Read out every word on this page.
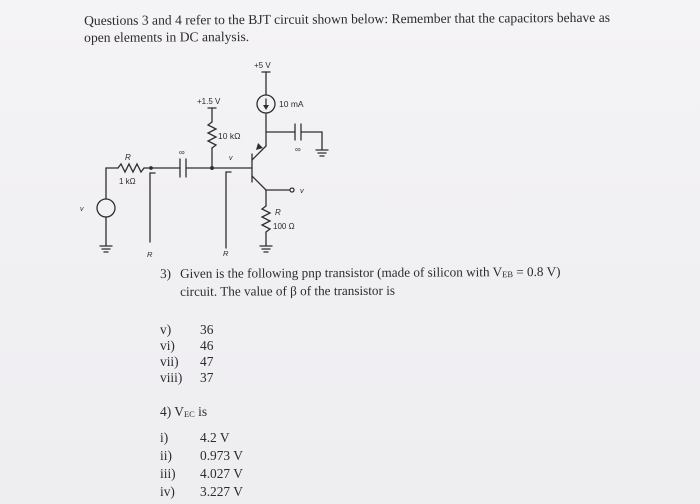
Questions 3 and 4 refer to the BJT circuit shown below: Remember that the capacitors behave as
open elements in DC analysis.
+5 V
+1.5 V	10 mA
10 kΩ
v
∞	∞
R
1 kΩ
v
R	R
v
R
100 Ω
3) Given is the following pnp transistor (made of silicon with $V_{EB} = 0.8$ V)
circuit. The value of β of the transistor is
v) 36
vi) 46
vii) 47
viii) 37
4) $V_{EC}$ is
i) 4.2 V
ii) 0.973 V
iii) 4.027 V
iv) 3.227 V
